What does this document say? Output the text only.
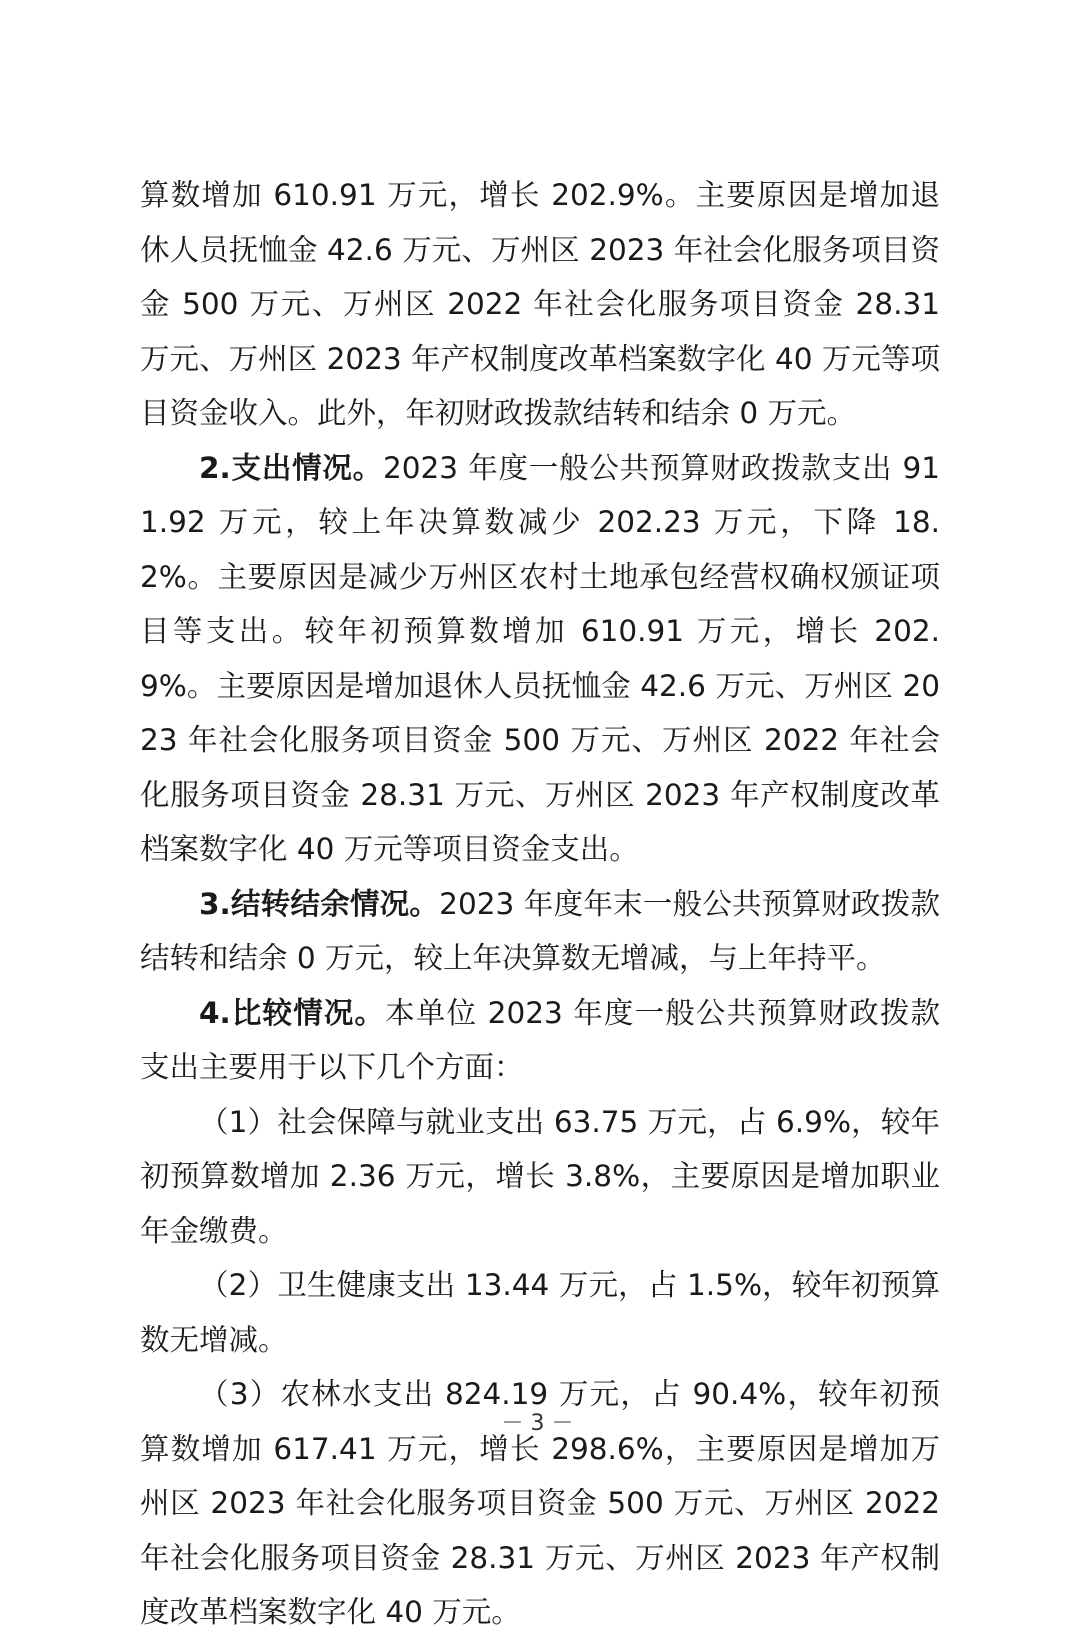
算数增加 610.91 万元，增长 202.9%。主要原因是增加退休人员抚恤金 42.6 万元、万州区 2023 年社会化服务项目资金 500 万元、万州区 2022 年社会化服务项目资金 28.31 万元、万州区 2023 年产权制度改革档案数字化 40 万元等项目资金收入。此外，年初财政拨款结转和结余 0 万元。

2.支出情况。2023 年度一般公共预算财政拨款支出 911.92 万元，较上年决算数减少 202.23 万元，下降 18.2%。主要原因是减少万州区农村土地承包经营权确权颁证项目等支出。较年初预算数增加 610.91 万元，增长 202.9%。主要原因是增加退休人员抚恤金 42.6 万元、万州区 2023 年社会化服务项目资金 500 万元、万州区 2022 年社会化服务项目资金 28.31 万元、万州区 2023 年产权制度改革档案数字化 40 万元等项目资金支出。

3.结转结余情况。2023 年度年末一般公共预算财政拨款结转和结余 0 万元，较上年决算数无增减，与上年持平。

4.比较情况。本单位 2023 年度一般公共预算财政拨款支出主要用于以下几个方面：

（1）社会保障与就业支出 63.75 万元，占 6.9%，较年初预算数增加 2.36 万元，增长 3.8%，主要原因是增加职业年金缴费。

（2）卫生健康支出 13.44 万元，占 1.5%，较年初预算数无增减。

（3）农林水支出 824.19 万元，占 90.4%，较年初预算数增加 617.41 万元，增长 298.6%，主要原因是增加万州区 2023 年社会化服务项目资金 500 万元、万州区 2022 年社会化服务项目资金 28.31 万元、万州区 2023 年产权制度改革档案数字化 40 万元。

－ 3 －
